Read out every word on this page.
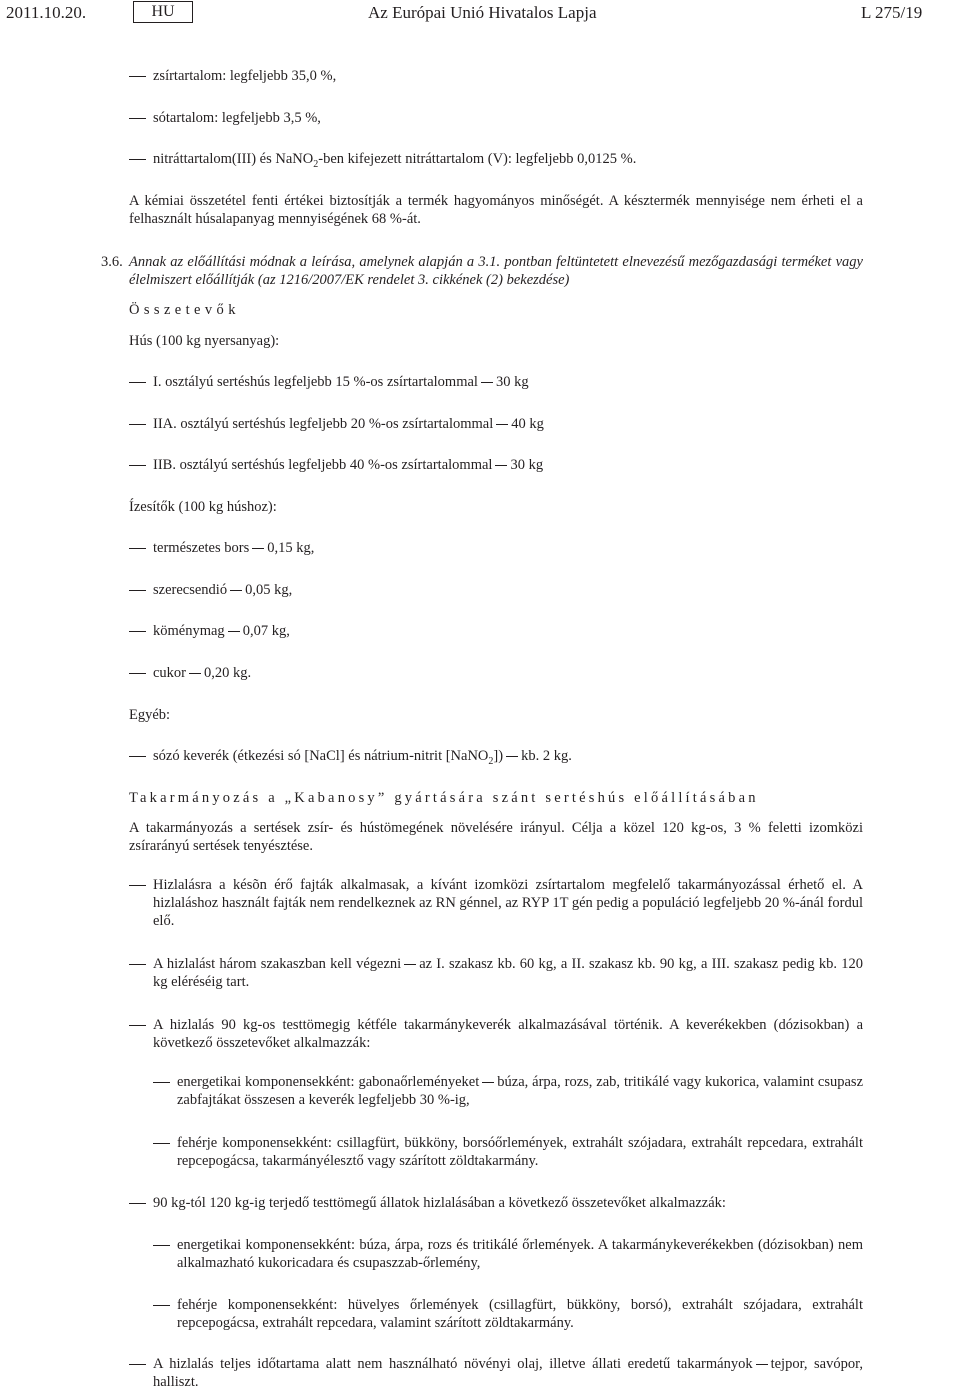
2011.10.20.	HU	Az Európai Unió Hivatalos Lapja	L 275/19
zsírtartalom: legfeljebb 35,0 %,
sótartalom: legfeljebb 3,5 %,
nitráttartalom(III) és NaNO$_2$-ben kifejezett nitráttartalom (V): legfeljebb 0,0125 %.
A kémiai összetétel fenti értékei biztosítják a termék hagyományos minőségét. A késztermék mennyisége nem érheti el a felhasznált húsalapanyag mennyiségének 68 %-át.
3.6. Annak az előállítási módnak a leírása, amelynek alapján a 3.1. pontban feltüntetett elnevezésű mezőgazdasági terméket vagy élelmiszert előállítják (az 1216/2007/EK rendelet 3. cikkének (2) bekezdése)
Összetevők
Hús (100 kg nyersanyag):
I. osztályú sertéshús legfeljebb 15 %-os zsírtartalommal 30 kg
IIA. osztályú sertéshús legfeljebb 20 %-os zsírtartalommal 40 kg
IIB. osztályú sertéshús legfeljebb 40 %-os zsírtartalommal 30 kg
Ízesítők (100 kg húshoz):
természetes bors 0,15 kg,
szerecsendió 0,05 kg,
köménymag 0,07 kg,
cukor 0,20 kg.
Egyéb:
sózó keverék (étkezési só [NaCl] és nátrium-nitrit [NaNO$_2$]) kb. 2 kg.
Takarmányozás a „Kabanosy” gyártására szánt sertéshús előállításában
A takarmányozás a sertések zsír- és hústömegének növelésére irányul. Célja a közel 120 kg-os, 3 % feletti izomközi zsírarányú sertések tenyésztése.
Hizlalásra a késõn érő fajták alkalmasak, a kívánt izomközi zsírtartalom megfelelő takarmányozással érhető el. A hizlaláshoz használt fajták nem rendelkeznek az RN génnel, az RYP 1T gén pedig a populáció legfeljebb 20 %-ánál fordul elő.
A hizlalást három szakaszban kell végezni az I. szakasz kb. 60 kg, a II. szakasz kb. 90 kg, a III. szakasz pedig kb. 120 kg eléréséig tart.
A hizlalás 90 kg-os testtömegig kétféle takarmánykeverék alkalmazásával történik. A keverékekben (dózisokban) a következő összetevőket alkalmazzák:
energetikai komponensekként: gabonaőrleményeket búza, árpa, rozs, zab, tritikálé vagy kukorica, valamint csupasz zabfajtákat összesen a keverék legfeljebb 30 %-ig,
fehérje komponensekként: csillagfürt, bükköny, borsóőrlemények, extrahált szójadara, extrahált repcedara, extrahált repcepogácsa, takarmányélesztő vagy szárított zöldtakarmány.
90 kg-tól 120 kg-ig terjedő testtömegű állatok hizlalásában a következő összetevőket alkalmazzák:
energetikai komponensekként: búza, árpa, rozs és tritikálé őrlemények. A takarmánykeverékekben (dózisokban) nem alkalmazható kukoricadara és csupaszzab-őrlemény,
fehérje komponensekként: hüvelyes őrlemények (csillagfürt, bükköny, borsó), extrahált szójadara, extrahált repcepogácsa, extrahált repcedara, valamint szárított zöldtakarmány.
A hizlalás teljes időtartama alatt nem használható növényi olaj, illetve állati eredetű takarmányok tejpor, savópor, halliszt.
